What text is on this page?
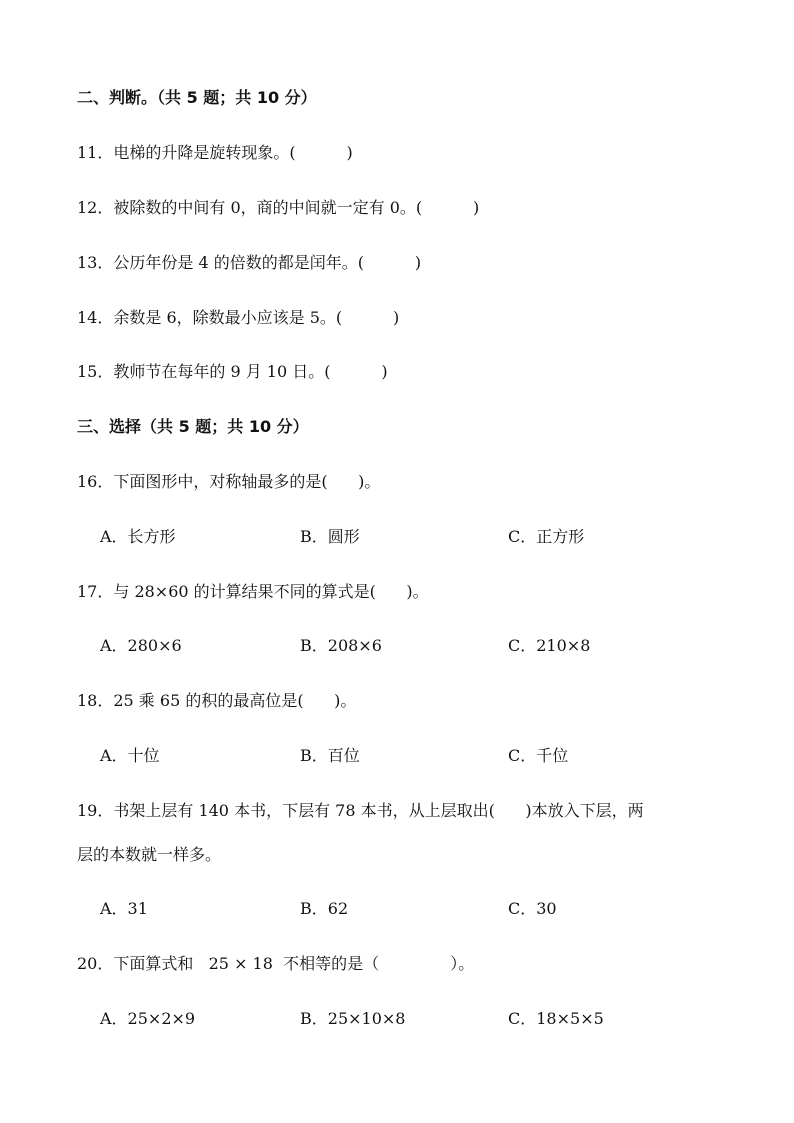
二、判断。（共 5 题；共 10 分）
11．电梯的升降是旋转现象。(          )
12．被除数的中间有 0，商的中间就一定有 0。(          )
13．公历年份是 4 的倍数的都是闰年。(          )
14．余数是 6，除数最小应该是 5。(          )
15．教师节在每年的 9 月 10 日。(          )
三、选择（共 5 题；共 10 分）
16．下面图形中，对称轴最多的是(      )。
A．长方形	B．圆形	C．正方形
17．与 28×60 的计算结果不同的算式是(      )。
A．280×6	B．208×6	C．210×8
18．25 乘 65 的积的最高位是(      )。
A．十位	B．百位	C．千位
19．书架上层有 140 本书，下层有 78 本书，从上层取出(      )本放入下层，两
层的本数就一样多。
A．31	B．62	C．30
20．下面算式和   25 × 18  不相等的是（              ）。
A．25×2×9	B．25×10×8	C．18×5×5
